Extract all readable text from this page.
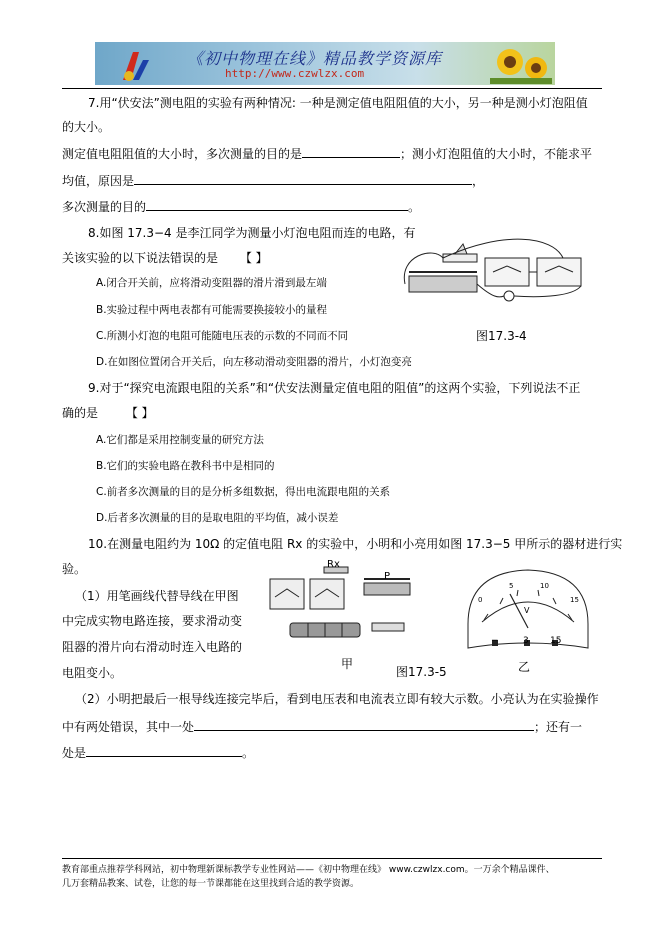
《初中物理在线》精品教学资源库
http://www.czwlzx.com
7.用“伏安法”测电阻的实验有两种情况: 一种是测定值电阻阻值的大小，另一种是测小灯泡阻值
的大小。
测定值电阻阻值的大小时，多次测量的目的是	；测小灯泡阻值的大小时，不能求平
均值，原因是	，
多次测量的目的	。
8.如图 17.3−4 是李江同学为测量小灯泡电阻而连的电路，有
关该实验的以下说法错误的是 【 】
A.闭合开关前，应将滑动变阻器的滑片滑到最左端
B.实验过程中两电表都有可能需要换接较小的量程
C.所测小灯泡的电阻可能随电压表的示数的不同而不同
D.在如图位置闭合开关后，向左移动滑动变阻器的滑片，小灯泡变亮
图17.3-4
9.对于“探究电流跟电阻的关系”和“伏安法测量定值电阻的阻值”的这两个实验，下列说法不正
确的是 【 】
A.它们都是采用控制变量的研究方法
B.它们的实验电路在教科书中是相同的
C.前者多次测量的目的是分析多组数据，得出电流跟电阻的关系
D.后者多次测量的目的是取电阻的平均值，减小误差
10.在测量电阻约为 10Ω 的定值电阻 Rx 的实验中，小明和小亮用如图 17.3−5 甲所示的器材进行实
验。
（1）用笔画线代替导线在甲图
中完成实物电路连接，要求滑动变
阻器的滑片向右滑动时连入电路的
电阻变小。
Rx
P
甲
图17.3-5
0
5	10
15
V
−	3 15
乙
（2）小明把最后一根导线连接完毕后，看到电压表和电流表立即有较大示数。小亮认为在实验操作
中有两处错误，其中一处	；还有一
处是	。
教育部重点推荐学科网站，初中物理新课标教学专业性网站——《初中物理在线》 www.czwlzx.com。一万余个精品课件、
几万套精品教案、试卷，让您的每一节课都能在这里找到合适的教学资源。
